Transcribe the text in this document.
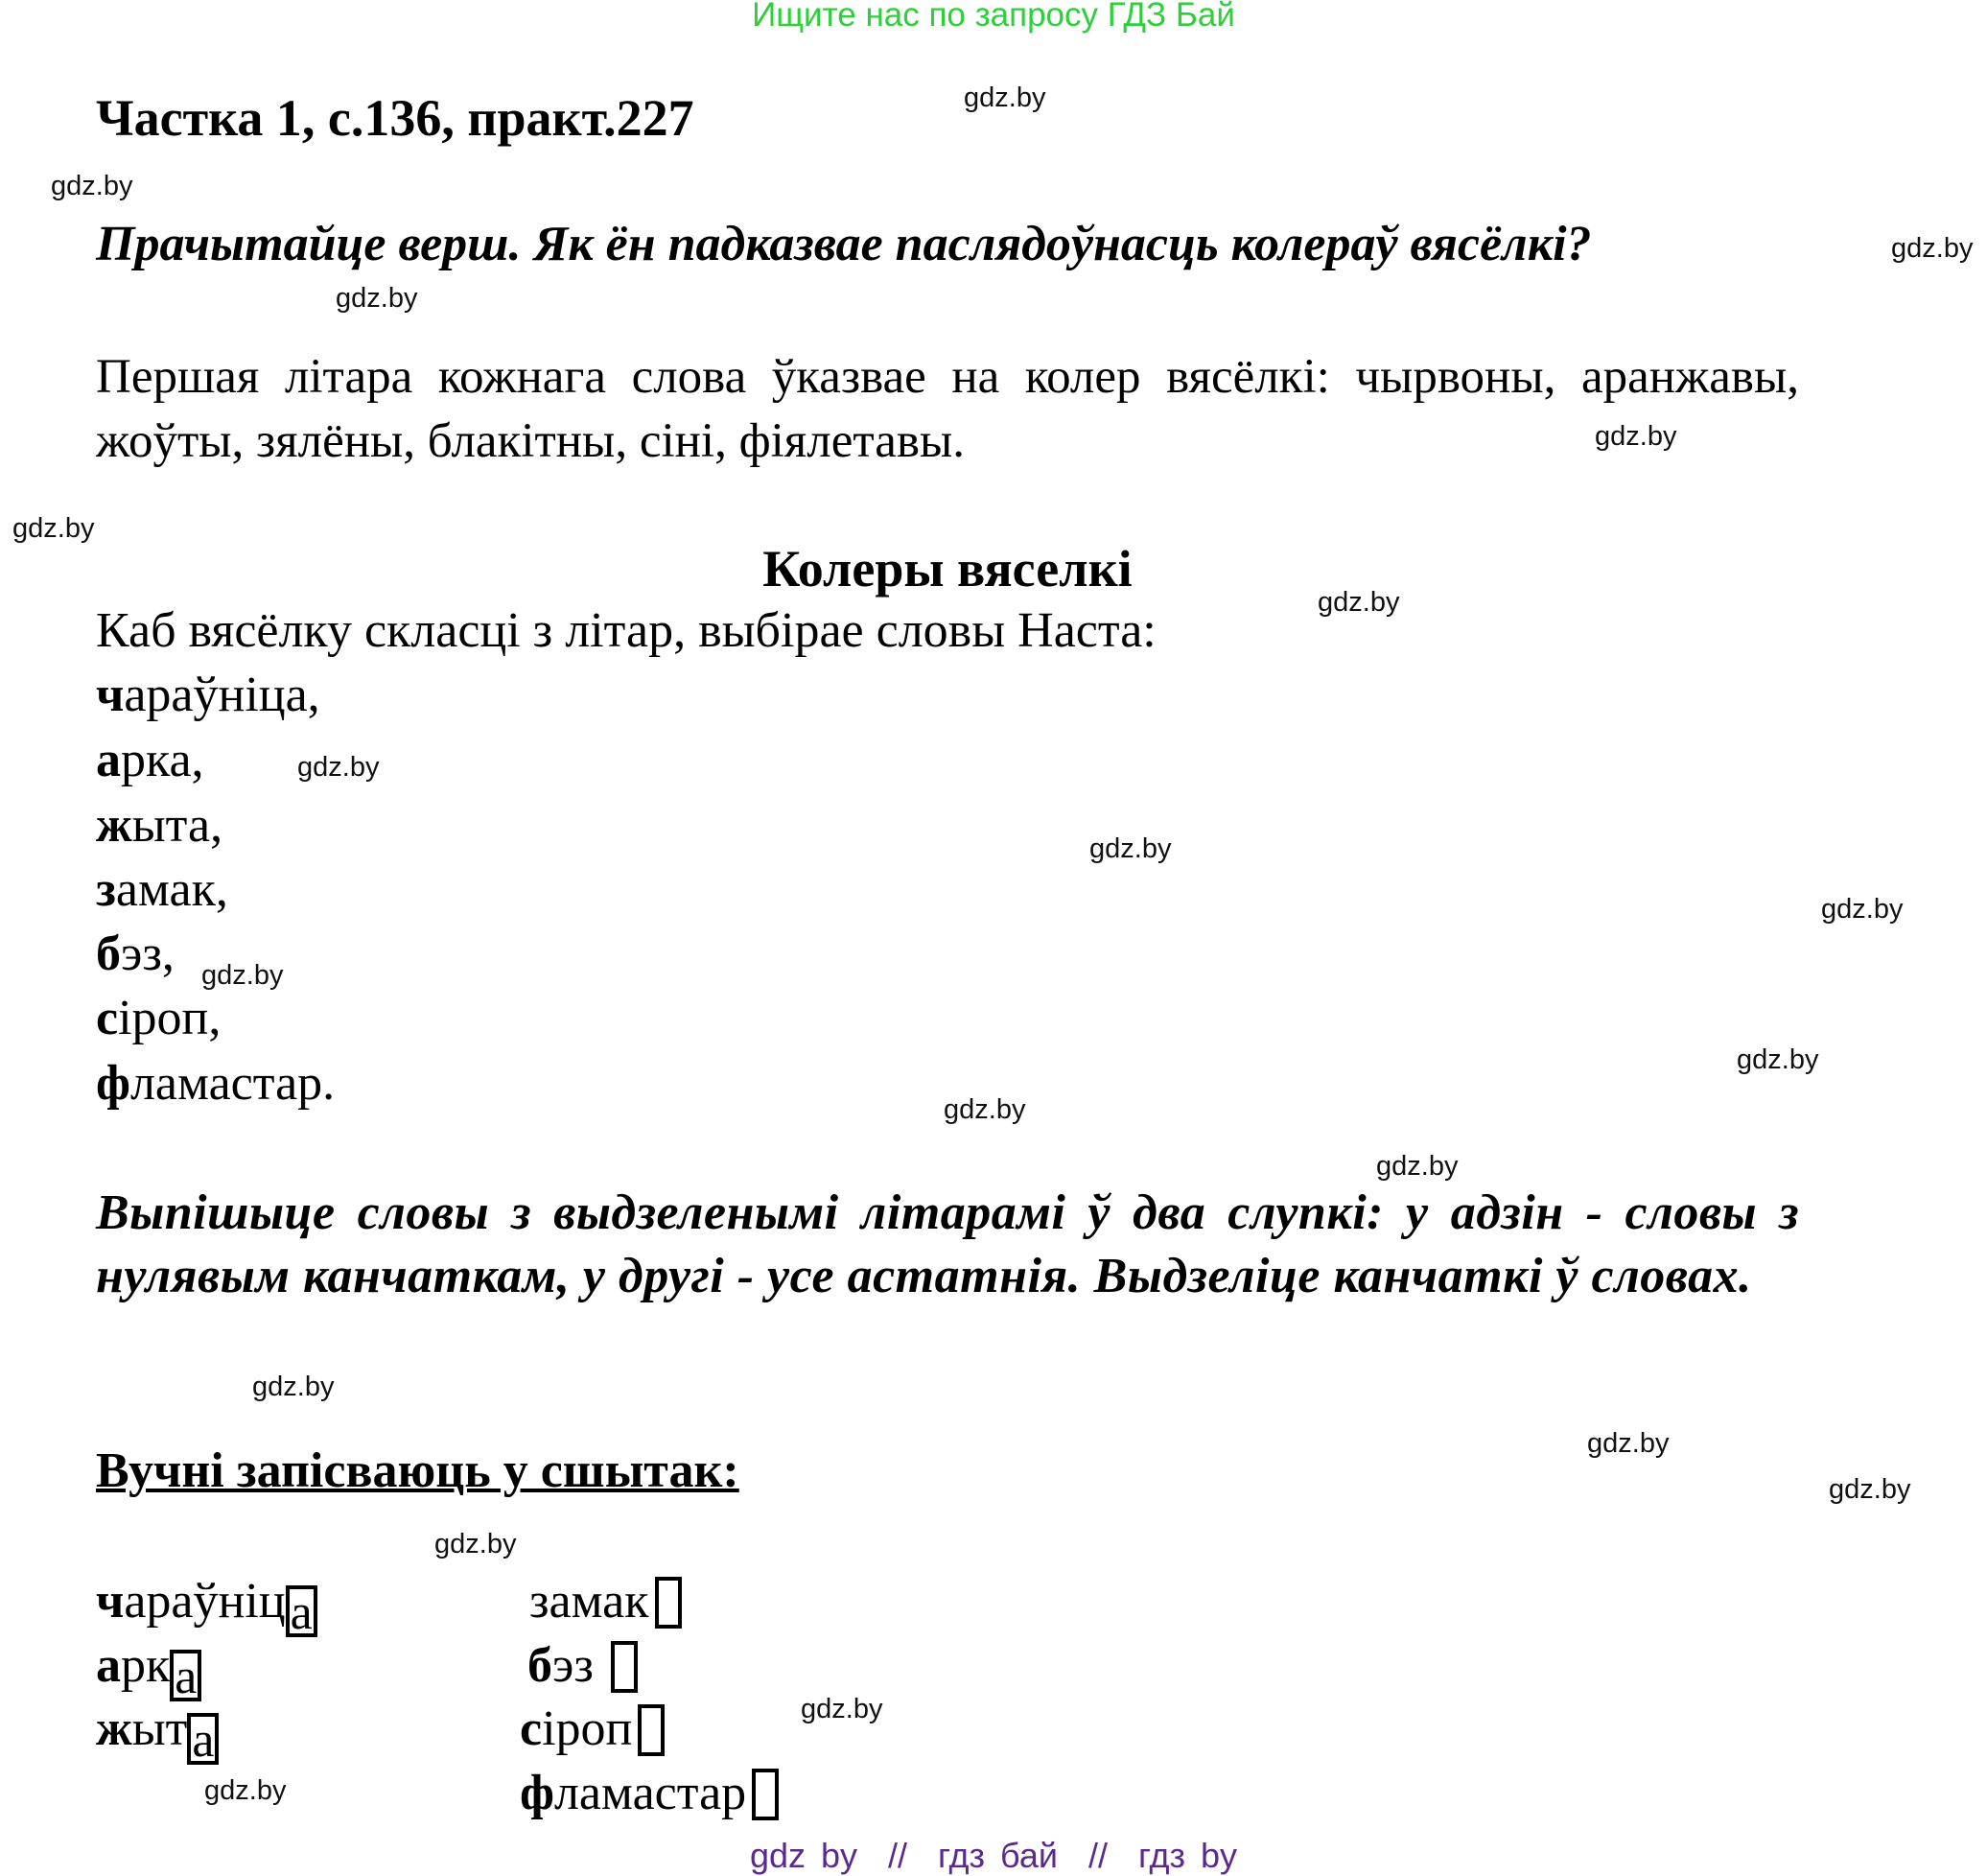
Ищите нас по запросу ГДЗ Бай
Частка 1, с.136, практ.227
Прачытайце верш. Як ён падказвае паслядоўнасць колераў вясёлкі?
Першая літара кожнага слова ўказвае на колер вясёлкі: чырвоны, аранжавы, жоўты, зялёны, блакітны, сіні, фіялетавы.
Колеры вяселкі
Каб вясёлку скласці з літар, выбірае словы Наста:
чараўніца,
арка,
жыта,
замак,
бэз,
сіроп,
фламастар.
Выпішыце словы з выдзеленымі літарамі ў два слупкі: у адзін - словы з нулявым канчаткам, у другі - усе астатнія. Выдзеліце канчаткі ў словах.
Вучні запісваюць у сшытак:
чараўніца
арка
жыта
замак
бэз
сіроп
фламастар
gdz.by
gdz.by
gdz.by
gdz.by
gdz.by
gdz.by
gdz.by
gdz.by
gdz.by
gdz.by
gdz.by
gdz.by
gdz.by
gdz.by
gdz.by
gdz.by
gdz.by
gdz.by
gdz.by
gdz.by
gdz by  //  гдз бай  //  гдз by
